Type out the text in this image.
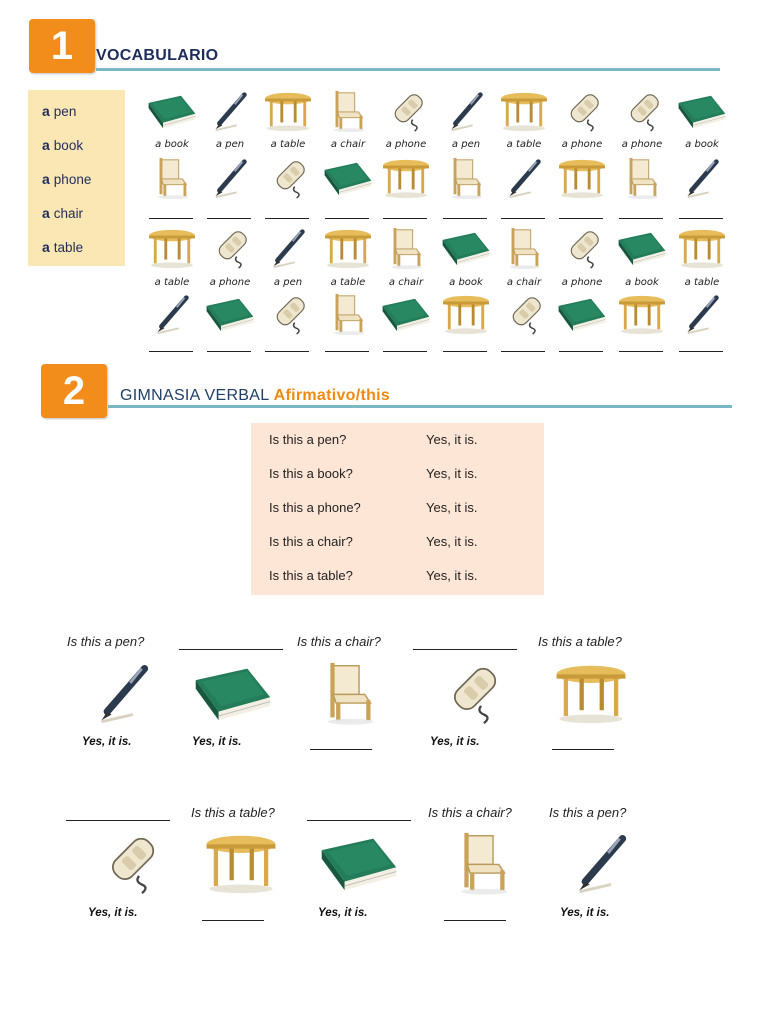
1	VOCABULARIO
a pen
a book
a phone
a chair
a table
a book	a pen	a table	a chair	a phone	a pen	a table	a phone	a phone	a book
a table	a phone	a pen	a table	a chair	a book	a chair	a phone	a book	a table
2	GIMNASIA VERBAL Afirmativo/this
Is this a pen?	Yes, it is.
Is this a book?	Yes, it is.
Is this a phone?	Yes, it is.
Is this a chair?	Yes, it is.
Is this a table?	Yes, it is.
Is this a pen?	Is this a chair?	Is this a table?
Yes, it is.	Yes, it is.	Yes, it is.
Is this a table?	Is this a chair?	Is this a pen?
Yes, it is.	Yes, it is.	Yes, it is.
